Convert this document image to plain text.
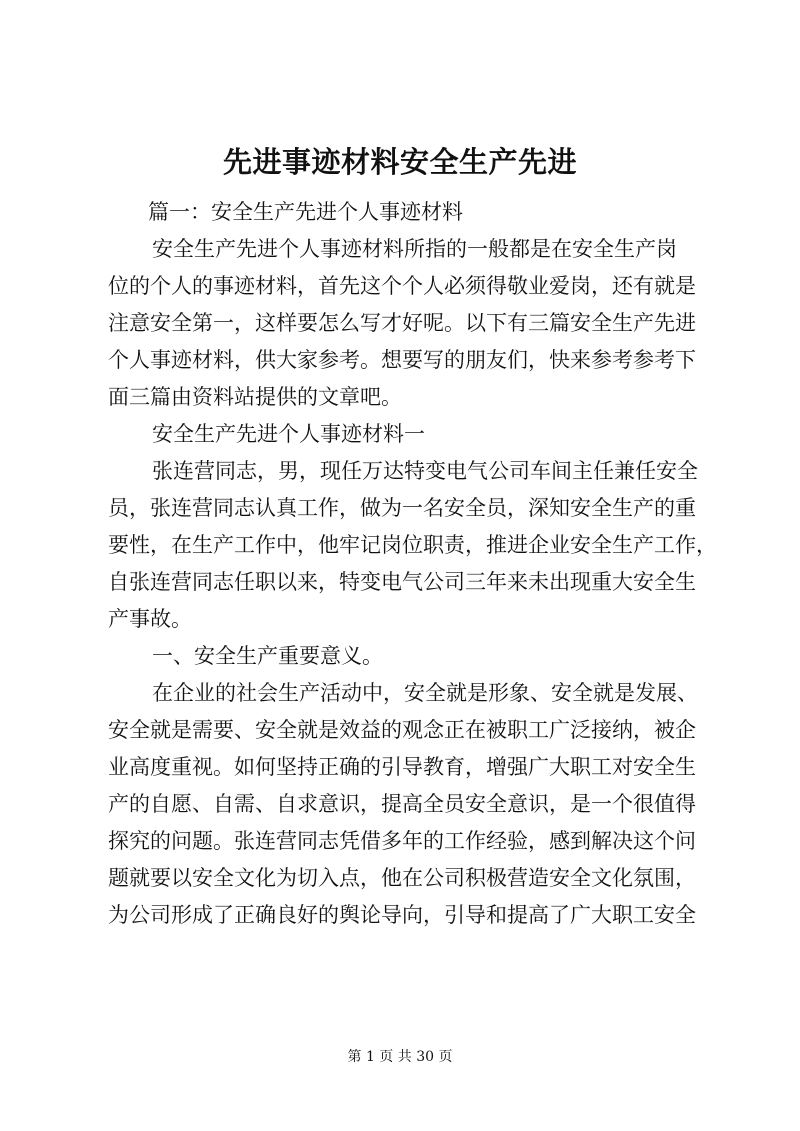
先进事迹材料安全生产先进

篇一：安全生产先进个人事迹材料

安全生产先进个人事迹材料所指的一般都是在安全生产岗

位的个人的事迹材料，首先这个个人必须得敬业爱岗，还有就是

注意安全第一，这样要怎么写才好呢。以下有三篇安全生产先进

个人事迹材料，供大家参考。想要写的朋友们，快来参考参考下

面三篇由资料站提供的文章吧。

安全生产先进个人事迹材料一

张连营同志，男，现任万达特变电气公司车间主任兼任安全

员，张连营同志认真工作，做为一名安全员，深知安全生产的重

要性，在生产工作中，他牢记岗位职责，推进企业安全生产工作，

自张连营同志任职以来，特变电气公司三年来未出现重大安全生

产事故。

一、安全生产重要意义。

在企业的社会生产活动中，安全就是形象、安全就是发展、

安全就是需要、安全就是效益的观念正在被职工广泛接纳，被企

业高度重视。如何坚持正确的引导教育，增强广大职工对安全生

产的自愿、自需、自求意识，提高全员安全意识，是一个很值得

探究的问题。张连营同志凭借多年的工作经验，感到解决这个问

题就要以安全文化为切入点，他在公司积极营造安全文化氛围，

为公司形成了正确良好的舆论导向，引导和提高了广大职工安全

第 1 页 共 30 页
